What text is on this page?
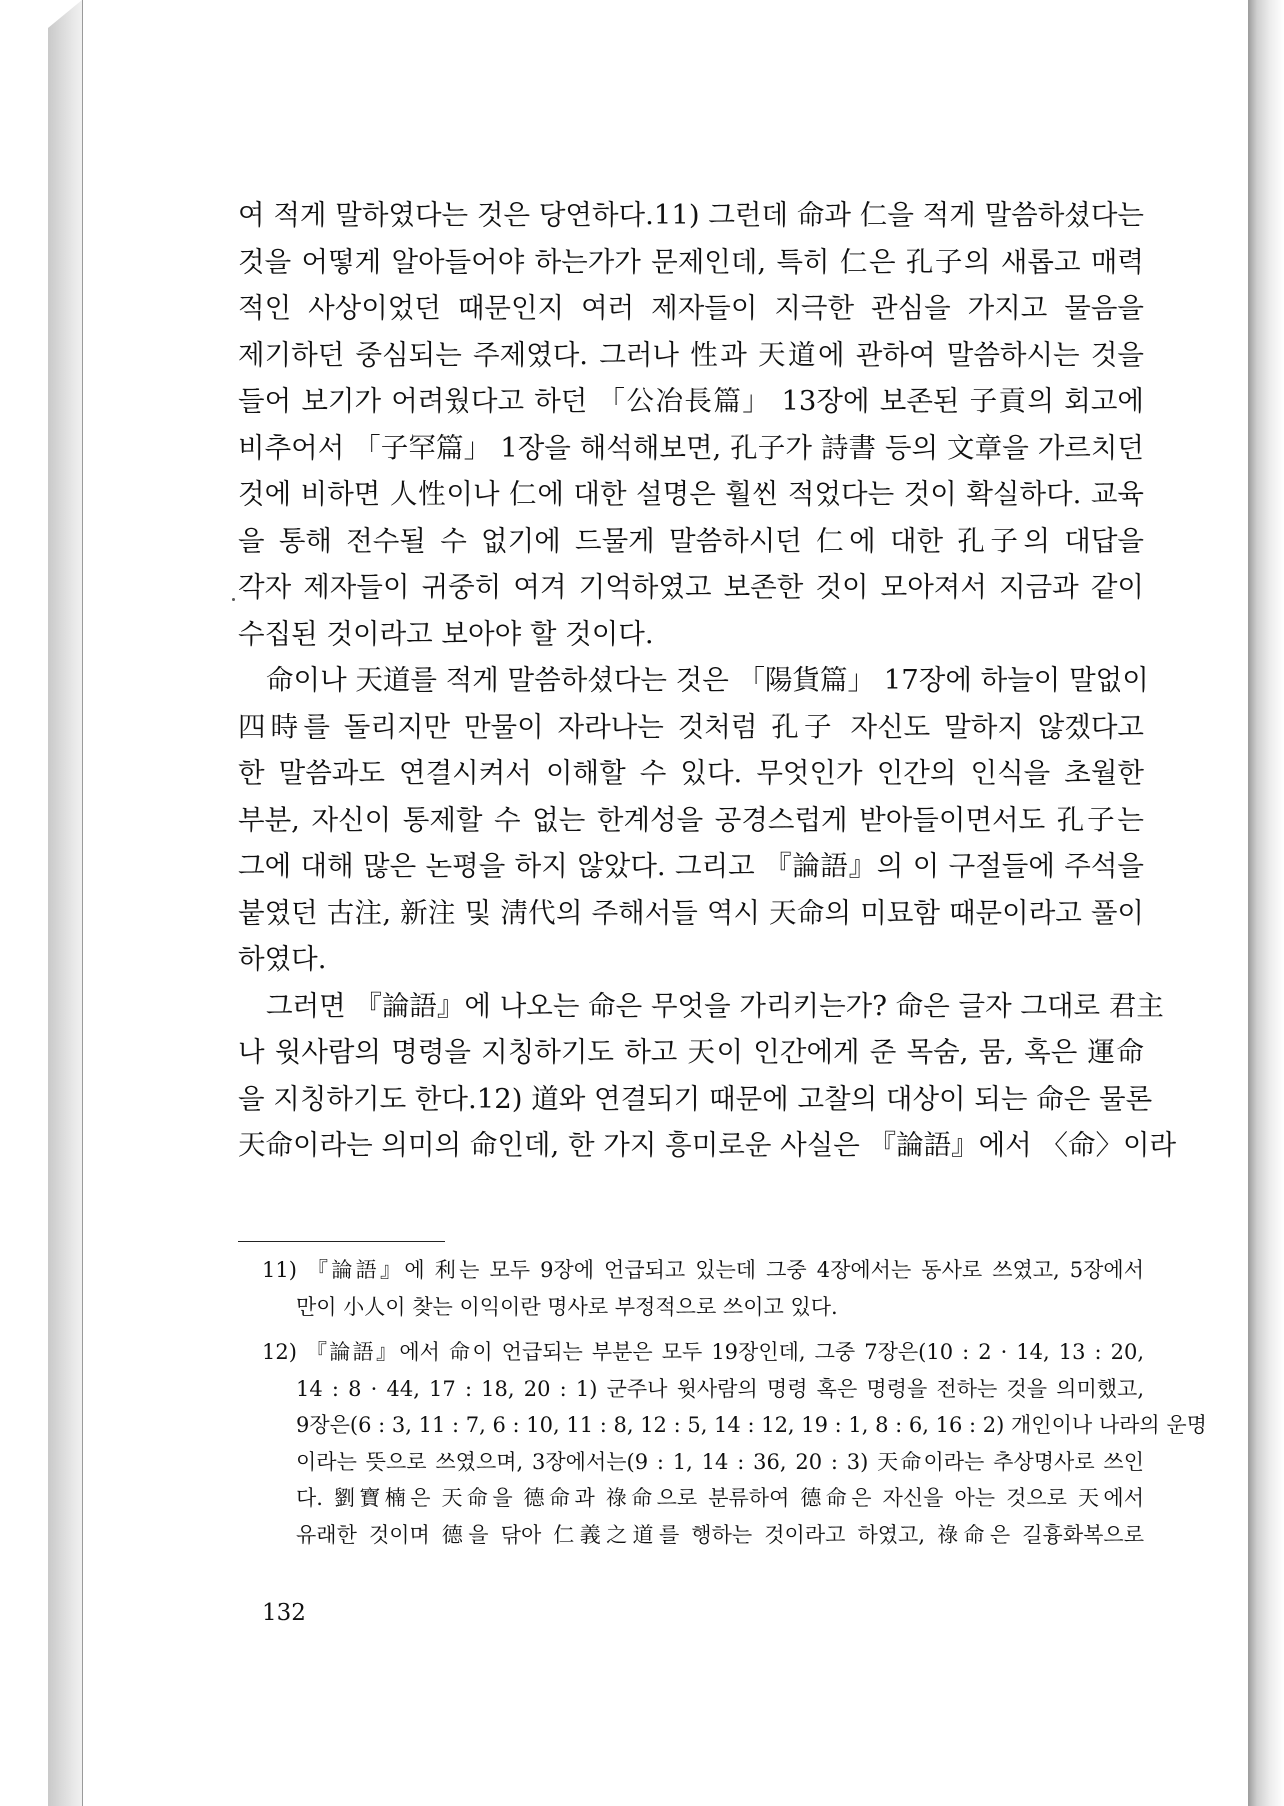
여 적게 말하였다는 것은 당연하다.11) 그런데 命과 仁을 적게 말씀하셨다는
것을 어떻게 알아들어야 하는가가 문제인데, 특히 仁은 孔子의 새롭고 매력
적인 사상이었던 때문인지 여러 제자들이 지극한 관심을 가지고 물음을
제기하던 중심되는 주제였다. 그러나 性과 天道에 관하여 말씀하시는 것을
들어 보기가 어려웠다고 하던 「公冶長篇」 13장에 보존된 子貢의 회고에
비추어서 「子罕篇」 1장을 해석해보면, 孔子가 詩書 등의 文章을 가르치던
것에 비하면 人性이나 仁에 대한 설명은 훨씬 적었다는 것이 확실하다. 교육
을 통해 전수될 수 없기에 드물게 말씀하시던 仁에 대한 孔子의 대답을
각자 제자들이 귀중히 여겨 기억하였고 보존한 것이 모아져서 지금과 같이
수집된 것이라고 보아야 할 것이다.
命이나 天道를 적게 말씀하셨다는 것은 「陽貨篇」 17장에 하늘이 말없이
四時를 돌리지만 만물이 자라나는 것처럼 孔子 자신도 말하지 않겠다고
한 말씀과도 연결시켜서 이해할 수 있다. 무엇인가 인간의 인식을 초월한
부분, 자신이 통제할 수 없는 한계성을 공경스럽게 받아들이면서도 孔子는
그에 대해 많은 논평을 하지 않았다. 그리고 『論語』의 이 구절들에 주석을
붙였던 古注, 新注 및 淸代의 주해서들 역시 天命의 미묘함 때문이라고 풀이
하였다.
그러면 『論語』에 나오는 命은 무엇을 가리키는가? 命은 글자 그대로 君主
나 윗사람의 명령을 지칭하기도 하고 天이 인간에게 준 목숨, 뭄, 혹은 運命
을 지칭하기도 한다.12) 道와 연결되기 때문에 고찰의 대상이 되는 命은 물론
天命이라는 의미의 命인데, 한 가지 흥미로운 사실은 『論語』에서 〈命〉이라
11) 『論語』에 利는 모두 9장에 언급되고 있는데 그중 4장에서는 동사로 쓰였고, 5장에서
만이 小人이 찾는 이익이란 명사로 부정적으로 쓰이고 있다.
12) 『論語』에서 命이 언급되는 부분은 모두 19장인데, 그중 7장은(10 : 2 · 14, 13 : 20,
14 : 8 · 44, 17 : 18, 20 : 1) 군주나 윗사람의 명령 혹은 명령을 전하는 것을 의미했고,
9장은(6 : 3, 11 : 7, 6 : 10, 11 : 8, 12 : 5, 14 : 12, 19 : 1, 8 : 6, 16 : 2) 개인이나 나라의 운명
이라는 뜻으로 쓰였으며, 3장에서는(9 : 1, 14 : 36, 20 : 3) 天命이라는 추상명사로 쓰인
다. 劉寶楠은 天命을 德命과 祿命으로 분류하여 德命은 자신을 아는 것으로 天에서
유래한 것이며 德을 닦아 仁義之道를 행하는 것이라고 하였고, 祿命은 길흉화복으로
132
